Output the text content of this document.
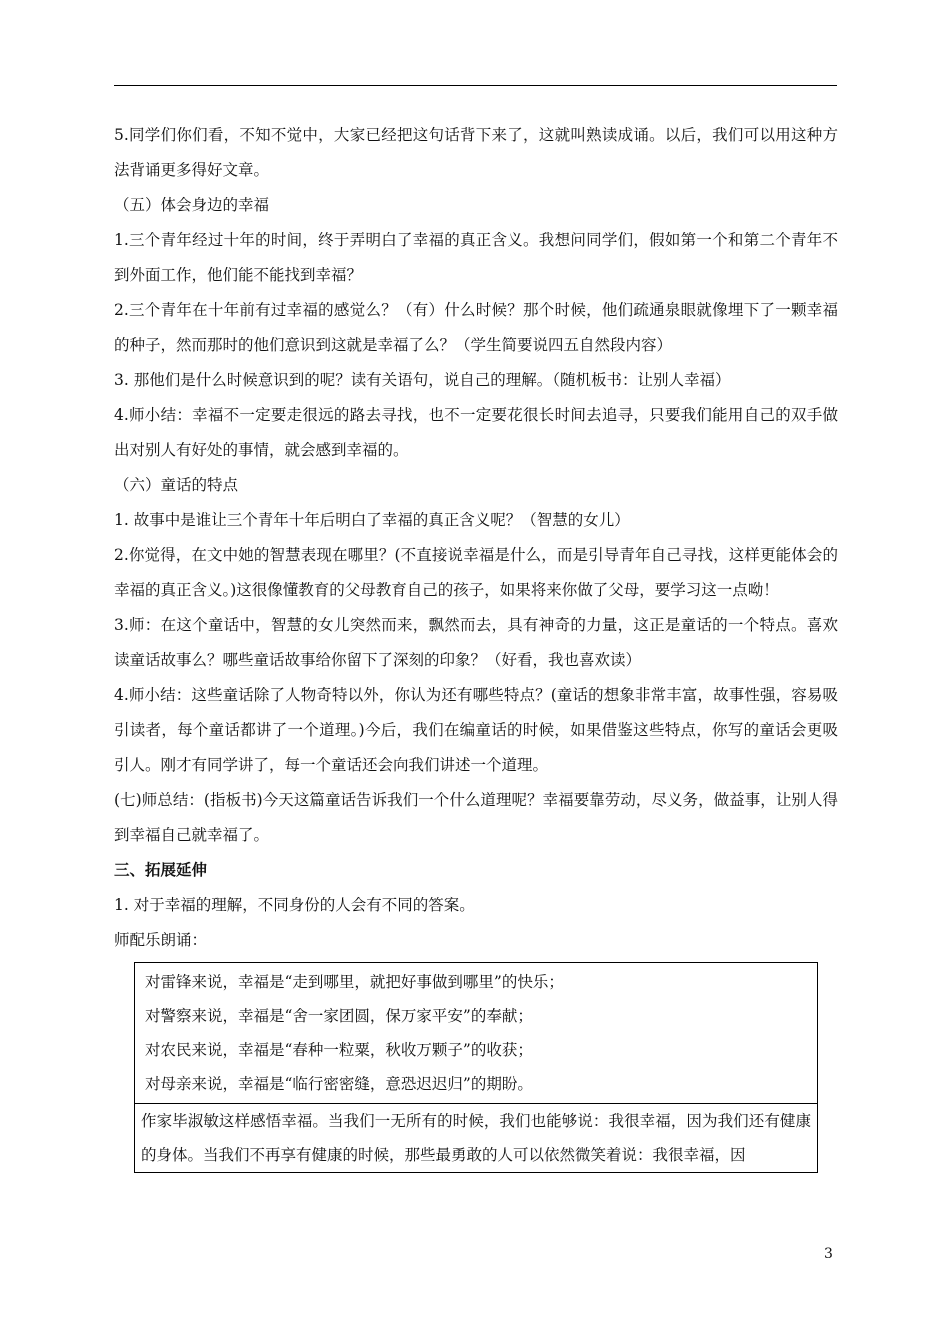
5.同学们你们看，不知不觉中，大家已经把这句话背下来了，这就叫熟读成诵。以后，我们可以用这种方法背诵更多得好文章。

（五）体会身边的幸福

1.三个青年经过十年的时间，终于弄明白了幸福的真正含义。我想问同学们，假如第一个和第二个青年不到外面工作，他们能不能找到幸福？

2.三个青年在十年前有过幸福的感觉么？（有）什么时候？那个时候，他们疏通泉眼就像埋下了一颗幸福的种子，然而那时的他们意识到这就是幸福了么？（学生简要说四五自然段内容）

3. 那他们是什么时候意识到的呢？读有关语句，说自己的理解。（随机板书：让别人幸福）

4.师小结：幸福不一定要走很远的路去寻找，也不一定要花很长时间去追寻，只要我们能用自己的双手做出对别人有好处的事情，就会感到幸福的。

（六）童话的特点

1. 故事中是谁让三个青年十年后明白了幸福的真正含义呢？（智慧的女儿）

2.你觉得，在文中她的智慧表现在哪里？(不直接说幸福是什么，而是引导青年自己寻找，这样更能体会的幸福的真正含义。)这很像懂教育的父母教育自己的孩子，如果将来你做了父母，要学习这一点呦！

3.师：在这个童话中，智慧的女儿突然而来，飘然而去，具有神奇的力量，这正是童话的一个特点。喜欢读童话故事么？哪些童话故事给你留下了深刻的印象？（好看，我也喜欢读）

4.师小结：这些童话除了人物奇特以外，你认为还有哪些特点？(童话的想象非常丰富，故事性强，容易吸引读者，每个童话都讲了一个道理。)今后，我们在编童话的时候，如果借鉴这些特点，你写的童话会更吸引人。刚才有同学讲了，每一个童话还会向我们讲述一个道理。

(七)师总结：(指板书)今天这篇童话告诉我们一个什么道理呢？幸福要靠劳动，尽义务，做益事，让别人得到幸福自己就幸福了。

三、拓展延伸

1. 对于幸福的理解，不同身份的人会有不同的答案。

师配乐朗诵：

对雷锋来说，幸福是“走到哪里，就把好事做到哪里”的快乐；
对警察来说，幸福是“舍一家团圆，保万家平安”的奉献；
对农民来说，幸福是“春种一粒粟，秋收万颗子”的收获；
对母亲来说，幸福是“临行密密缝，意恐迟迟归”的期盼。
作家毕淑敏这样感悟幸福。当我们一无所有的时候，我们也能够说：我很幸福，因为我们还有健康的身体。当我们不再享有健康的时候，那些最勇敢的人可以依然微笑着说：我很幸福，因
3
